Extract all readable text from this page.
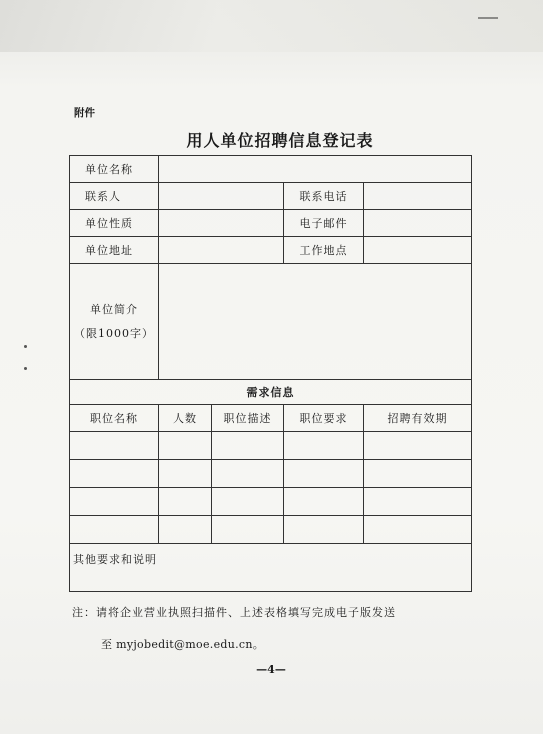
附件
用人单位招聘信息登记表
单位名称				
联系人			联系电话	
单位性质			电子邮件	
单位地址			工作地点	

单位简介
（限1000字）				

需求信息				
职位名称	人数	职位描述	职位要求	招聘有效期

其他要求和说明				
注：请将企业营业执照扫描件、上述表格填写完成电子版发送
至 myjobedit@moe.edu.cn。
—4—
